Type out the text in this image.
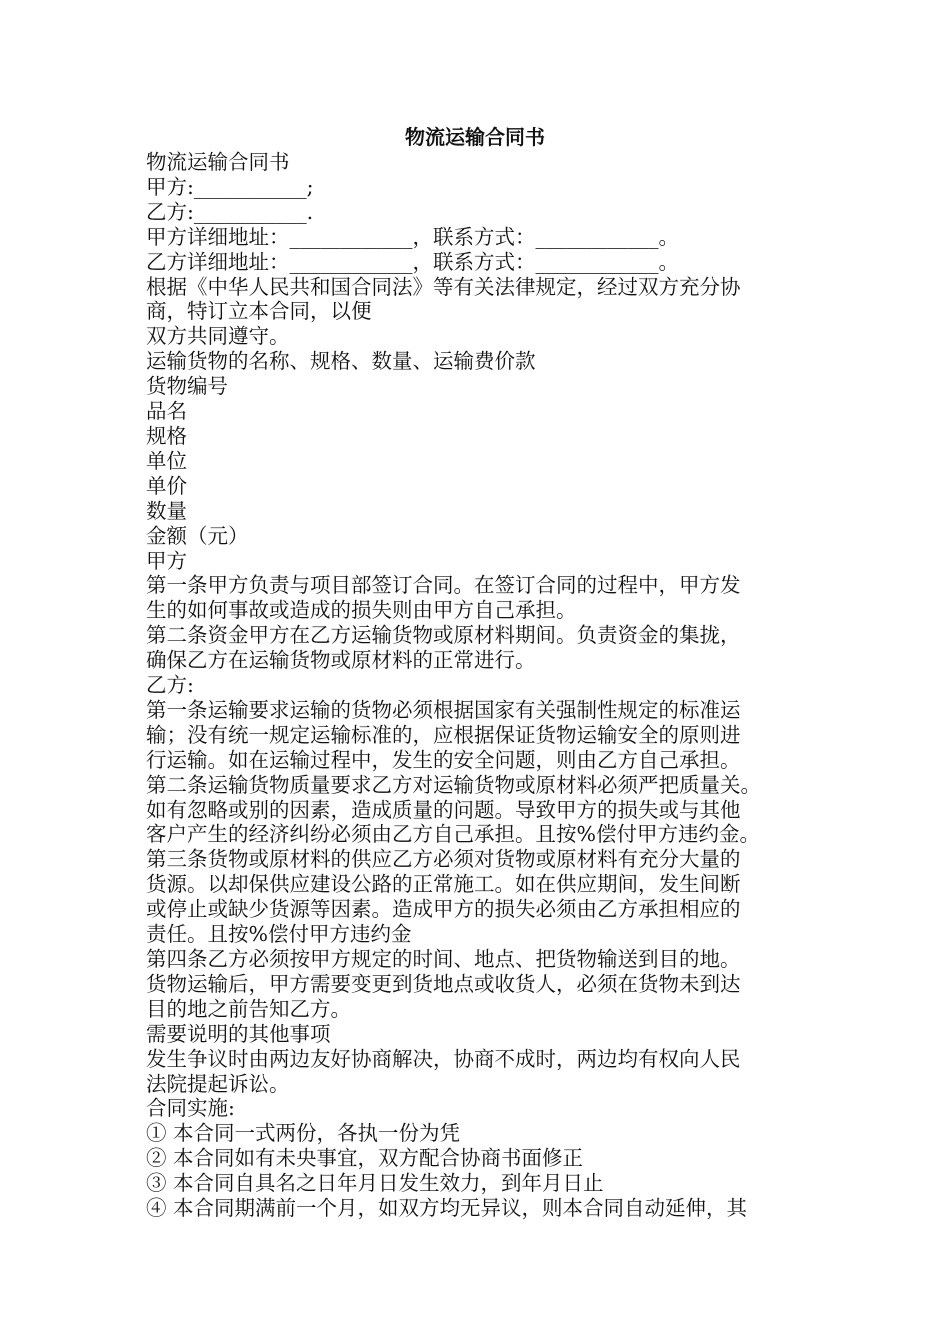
物流运输合同书
物流运输合同书
甲方:___________;
乙方:___________.
甲方详细地址：____________，联系方式：____________。
乙方详细地址：____________，联系方式：____________。
根据《中华人民共和国合同法》等有关法律规定，经过双方充分协
商，特订立本合同，以便
双方共同遵守。
运输货物的名称、规格、数量、运输费价款
货物编号
品名
规格
单位
单价
数量
金额（元）
甲方
第一条甲方负责与项目部签订合同。在签订合同的过程中，甲方发
生的如何事故或造成的损失则由甲方自己承担。
第二条资金甲方在乙方运输货物或原材料期间。负责资金的集拢，
确保乙方在运输货物或原材料的正常进行。
乙方:
第一条运输要求运输的货物必须根据国家有关强制性规定的标准运
输；没有统一规定运输标准的，应根据保证货物运输安全的原则进
行运输。如在运输过程中，发生的安全问题，则由乙方自己承担。
第二条运输货物质量要求乙方对运输货物或原材料必须严把质量关。
如有忽略或别的因素，造成质量的问题。导致甲方的损失或与其他
客户产生的经济纠纷必须由乙方自己承担。且按%偿付甲方违约金。
第三条货物或原材料的供应乙方必须对货物或原材料有充分大量的
货源。以却保供应建设公路的正常施工。如在供应期间，发生间断
或停止或缺少货源等因素。造成甲方的损失必须由乙方承担相应的
责任。且按%偿付甲方违约金
第四条乙方必须按甲方规定的时间、地点、把货物输送到目的地。
货物运输后，甲方需要变更到货地点或收货人，必须在货物未到达
目的地之前告知乙方。
需要说明的其他事项
发生争议时由两边友好协商解决，协商不成时，两边均有权向人民
法院提起诉讼。
合同实施:
① 本合同一式两份，各执一份为凭
② 本合同如有未央事宜，双方配合协商书面修正
③ 本合同自具名之日年月日发生效力，到年月日止
④ 本合同期满前一个月，如双方均无异议，则本合同自动延伸，其
